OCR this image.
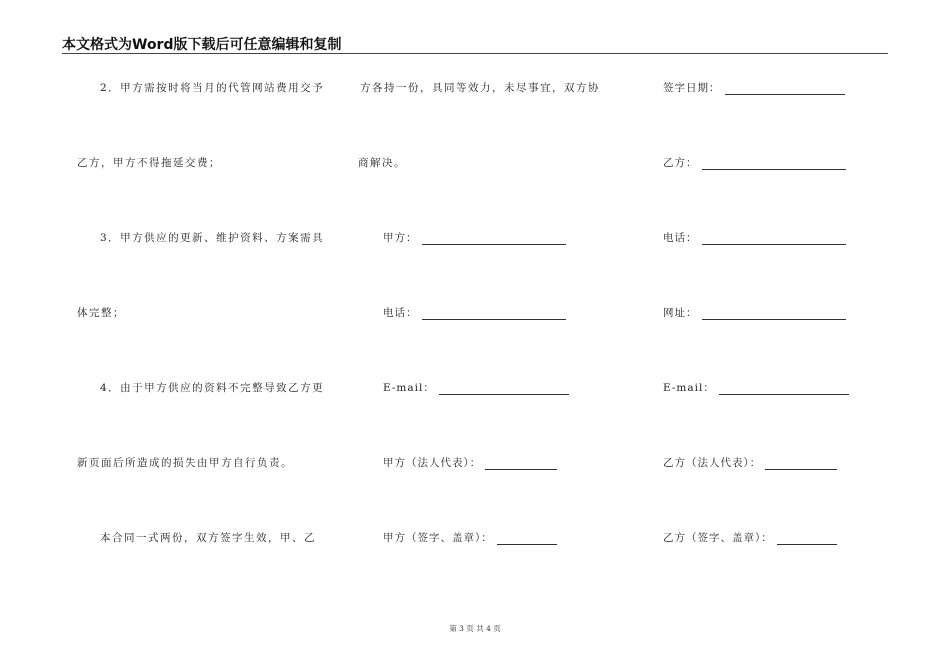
本文格式为Word版下载后可任意编辑和复制
2．甲方需按时将当月的代管网站费用交予
乙方，甲方不得拖延交费；
3．甲方供应的更新、维护资料、方案需具
体完整；
4．由于甲方供应的资料不完整导致乙方更
新页面后所造成的损失由甲方自行负责。
本合同一式两份，双方签字生效，甲、乙
方各持一份，具同等效力，未尽事宜，双方协
商解决。
甲方：
电话：
E-mail：
甲方（法人代表）：
甲方（签字、盖章）：
签字日期：
乙方：
电话：
网址：
E-mail：
乙方（法人代表）：
乙方（签字、盖章）：
第 3 页 共 4 页
